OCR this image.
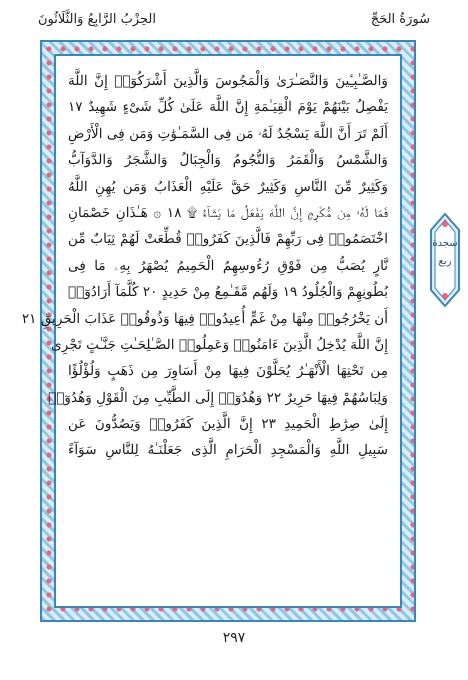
سُورَةُ الحَجِّ
الحِزْبُ الرَّابِعُ وَالثَّلَاثُونَ
وَالصَّـٰبِـِٔينَ وَالنَّصَـٰرَىٰ وَالْمَجُوسَ وَالَّذِينَ أَشْرَكُوٓا۟ إِنَّ اللَّهَ
يَفْصِلُ بَيْنَهُمْ يَوْمَ الْقِيَـٰمَةِ إِنَّ اللَّهَ عَلَىٰ كُلِّ شَىْءٍ شَهِيدٌ ١٧
أَلَمْ تَرَ أَنَّ اللَّهَ يَسْجُدُ لَهُۥ مَن فِى السَّمَـٰوَٰتِ وَمَن فِى الْأَرْضِ
وَالشَّمْسُ وَالْقَمَرُ وَالنُّجُومُ وَالْجِبَالُ وَالشَّجَرُ وَالدَّوَآبُّ
وَكَثِيرٌ مِّنَ النَّاسِ وَكَثِيرٌ حَقَّ عَلَيْهِ الْعَذَابُ وَمَن يُهِنِ اللَّهُ
فَمَا لَهُۥ مِن مُّكْرِمٍ إِنَّ اللَّهَ يَفْعَلُ مَا يَشَآءُ ۩ ١٨ ۞ هَـٰذَانِ خَصْمَانِ
اخْتَصَمُوا۟ فِى رَبِّهِمْ فَالَّذِينَ كَفَرُوا۟ قُطِّعَتْ لَهُمْ ثِيَابٌ مِّن
نَّارٍ يُصَبُّ مِن فَوْقِ رُءُوسِهِمُ الْحَمِيمُ يُصْهَرُ بِهِۦ مَا فِى
بُطُونِهِمْ وَالْجُلُودُ ١٩ وَلَهُم مَّقَـٰمِعُ مِنْ حَدِيدٍ ٢٠ كُلَّمَآ أَرَادُوٓا۟
أَن يَخْرُجُوا۟ مِنْهَا مِنْ غَمٍّ أُعِيدُوا۟ فِيهَا وَذُوقُوا۟ عَذَابَ الْحَرِيقِ ٢١
إِنَّ اللَّهَ يُدْخِلُ الَّذِينَ ءَامَنُوا۟ وَعَمِلُوا۟ الصَّـٰلِحَـٰتِ جَنَّـٰتٍ تَجْرِى
مِن تَحْتِهَا الْأَنْهَـٰرُ يُحَلَّوْنَ فِيهَا مِنْ أَسَاوِرَ مِن ذَهَبٍ وَلُؤْلُؤًا
وَلِبَاسُهُمْ فِيهَا حَرِيرٌ ٢٢ وَهُدُوٓا۟ إِلَى الطَّيِّبِ مِنَ الْقَوْلِ وَهُدُوٓا۟
إِلَىٰ صِرَٰطِ الْحَمِيدِ ٢٣ إِنَّ الَّذِينَ كَفَرُوا۟ وَيَصُدُّونَ عَن
سَبِيلِ اللَّهِ وَالْمَسْجِدِ الْحَرَامِ الَّذِى جَعَلْنَـٰهُ لِلنَّاسِ سَوَآءً
سجدة
ربع
٢٩٧
